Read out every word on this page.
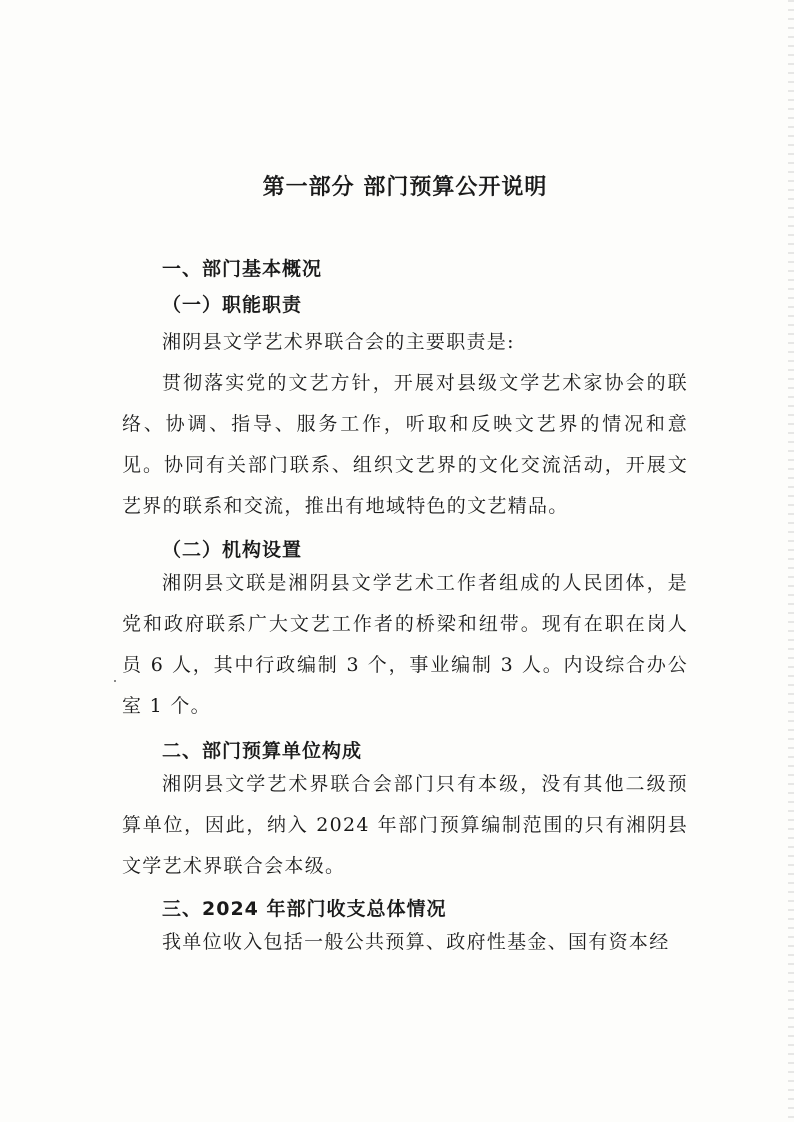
第一部分 部门预算公开说明
一、部门基本概况
（一）职能职责

湘阴县文学艺术界联合会的主要职责是:

贯彻落实党的文艺方针，开展对县级文学艺术家协会的联络、协调、指导、服务工作，听取和反映文艺界的情况和意见。协同有关部门联系、组织文艺界的文化交流活动，开展文艺界的联系和交流，推出有地域特色的文艺精品。

（二）机构设置

湘阴县文联是湘阴县文学艺术工作者组成的人民团体，是党和政府联系广大文艺工作者的桥梁和纽带。现有在职在岗人员 6 人，其中行政编制 3 个，事业编制 3 人。内设综合办公室 1 个。

二、部门预算单位构成

湘阴县文学艺术界联合会部门只有本级，没有其他二级预算单位，因此，纳入 2024 年部门预算编制范围的只有湘阴县文学艺术界联合会本级。

三、2024 年部门收支总体情况

我单位收入包括一般公共预算、政府性基金、国有资本经
